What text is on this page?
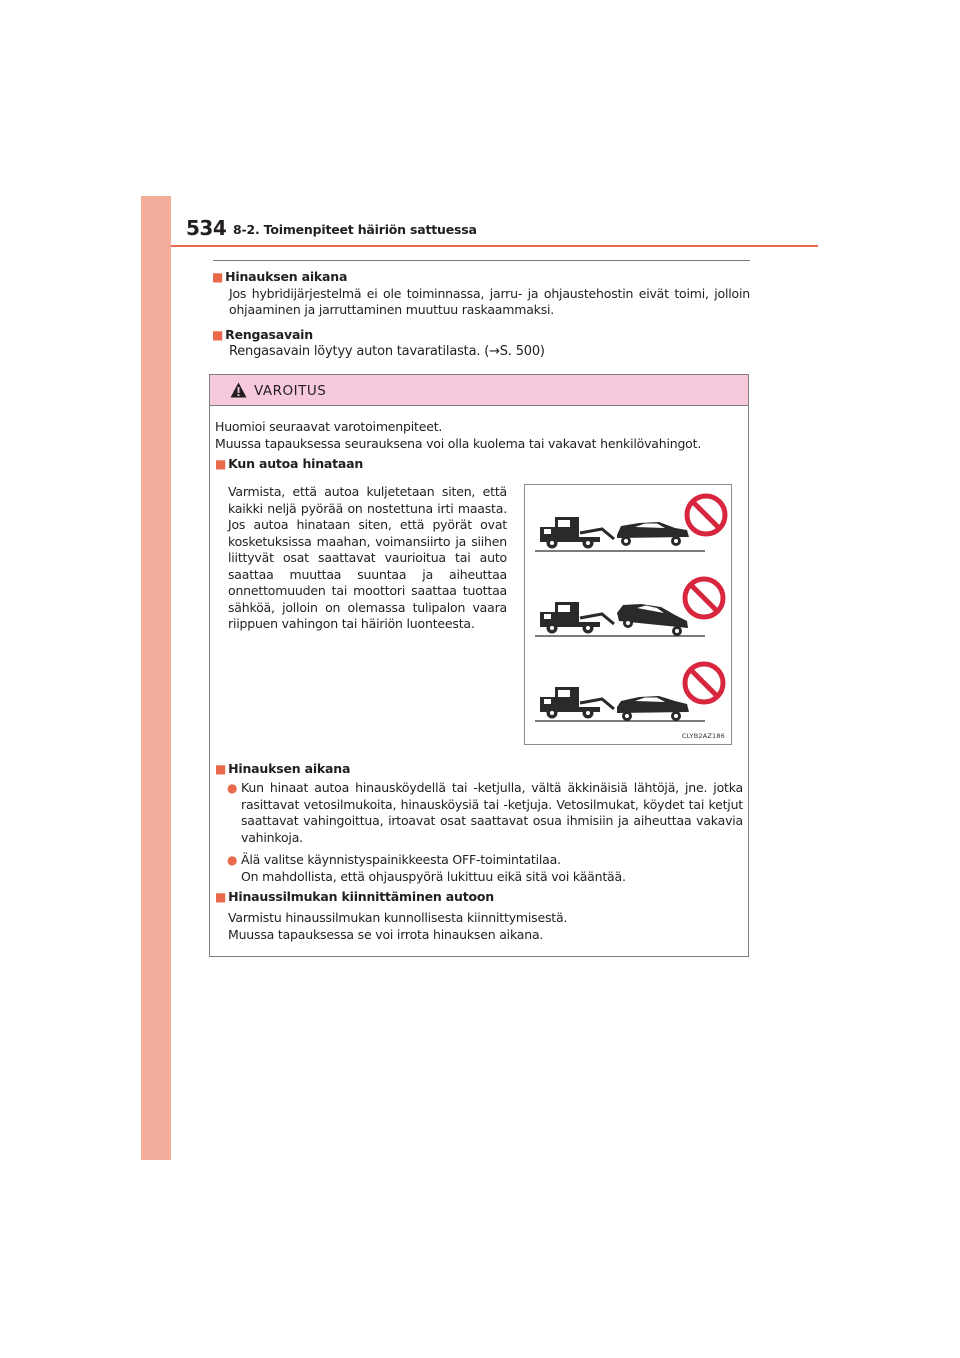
534 8-2. Toimenpiteet häiriön sattuessa
■ Hinauksen aikana
Jos hybridijärjestelmä ei ole toiminnassa, jarru- ja ohjaustehostin eivät toimi, jolloin ohjaaminen ja jarruttaminen muuttuu raskaammaksi.
■ Rengasavain
Rengasavain löytyy auton tavaratilasta. (→S. 500)
VAROITUS
Huomioi seuraavat varotoimenpiteet.
Muussa tapauksessa seurauksena voi olla kuolema tai vakavat henkilövahingot.
■ Kun autoa hinataan
■ Hinauksen aikana
● Kun hinaat autoa hinausköydellä tai -ketjulla, vältä äkkinäisiä lähtöjä, jne. jotka rasittavat vetosilmukoita, hinausköysiä tai -ketjuja. Vetosilmukat, köydet tai ketjut saattavat vahingoittua, irtoavat osat saattavat osua ihmisiin ja aiheuttaa vakavia vahinkoja.
● Älä valitse käynnistyspainikkeesta OFF-toimintatilaa.
On mahdollista, että ohjauspyörä lukittuu eikä sitä voi kääntää.
■ Hinaussilmukan kiinnittäminen autoon
Varmistu hinaussilmukan kunnollisesta kiinnittymisestä.
Muussa tapauksessa se voi irrota hinauksen aikana.
Varmista, että autoa kuljetetaan siten, että kaikki neljä pyörää on nostettuna irti maasta. Jos autoa hinataan siten, että pyörät ovat kosketuksissa maahan, voimansiirto ja siihen liittyvät osat saattavat vaurioitua tai auto saattaa muuttaa suuntaa ja aiheuttaa onnettomuuden tai moottori saattaa tuottaa sähköä, jolloin on olemassa tulipalon vaara riippuen vahingon tai häiriön luonteesta.
CLYB2AZ186
